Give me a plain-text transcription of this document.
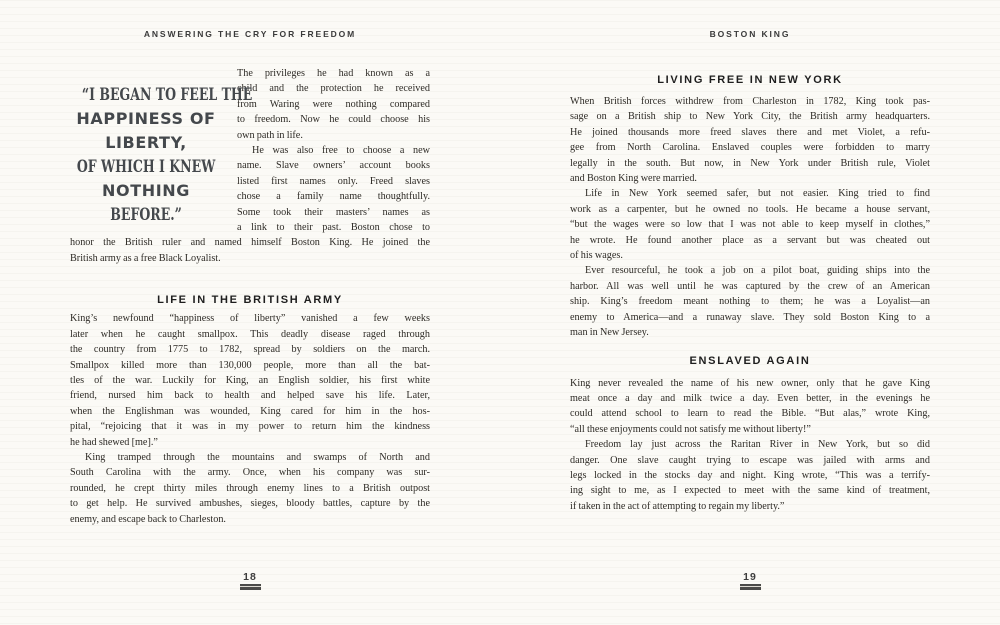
ANSWERING THE CRY FOR FREEDOM
“I BEGAN TO FEEL THE
HAPPINESS OF
LIBERTY,
OF WHICH I KNEW
NOTHING
BEFORE.”
The privileges he had known as a
child and the protection he received
from Waring were nothing compared
to freedom. Now he could choose his
own path in life.
He was also free to choose a new
name. Slave owners’ account books
listed first names only. Freed slaves
chose a family name thoughtfully.
Some took their masters’ names as
a link to their past. Boston chose to
honor the British ruler and named himself Boston King. He joined the
British army as a free Black Loyalist.
LIFE IN THE BRITISH ARMY
King’s newfound “happiness of liberty” vanished a few weeks
later when he caught smallpox. This deadly disease raged through
the country from 1775 to 1782, spread by soldiers on the march.
Smallpox killed more than 130,000 people, more than all the bat-
tles of the war. Luckily for King, an English soldier, his first white
friend, nursed him back to health and helped save his life. Later,
when the Englishman was wounded, King cared for him in the hos-
pital, “rejoicing that it was in my power to return him the kindness
he had shewed [me].”
King tramped through the mountains and swamps of North and
South Carolina with the army. Once, when his company was sur-
rounded, he crept thirty miles through enemy lines to a British outpost
to get help. He survived ambushes, sieges, bloody battles, capture by the
enemy, and escape back to Charleston.
18
BOSTON KING
LIVING FREE IN NEW YORK
When British forces withdrew from Charleston in 1782, King took pas-
sage on a British ship to New York City, the British army headquarters.
He joined thousands more freed slaves there and met Violet, a refu-
gee from North Carolina. Enslaved couples were forbidden to marry
legally in the south. But now, in New York under British rule, Violet
and Boston King were married.
Life in New York seemed safer, but not easier. King tried to find
work as a carpenter, but he owned no tools. He became a house servant,
“but the wages were so low that I was not able to keep myself in clothes,”
he wrote. He found another place as a servant but was cheated out
of his wages.
Ever resourceful, he took a job on a pilot boat, guiding ships into the
harbor. All was well until he was captured by the crew of an American
ship. King’s freedom meant nothing to them; he was a Loyalist—an
enemy to America—and a runaway slave. They sold Boston King to a
man in New Jersey.
ENSLAVED AGAIN
King never revealed the name of his new owner, only that he gave King
meat once a day and milk twice a day. Even better, in the evenings he
could attend school to learn to read the Bible. “But alas,” wrote King,
“all these enjoyments could not satisfy me without liberty!”
Freedom lay just across the Raritan River in New York, but so did
danger. One slave caught trying to escape was jailed with arms and
legs locked in the stocks day and night. King wrote, “This was a terrify-
ing sight to me, as I expected to meet with the same kind of treatment,
if taken in the act of attempting to regain my liberty.”
19
